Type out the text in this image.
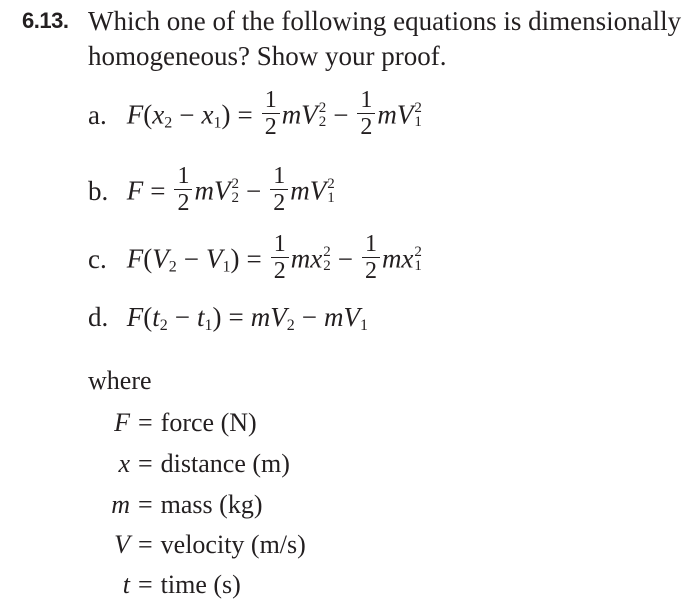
6.13. Which one of the following equations is dimensionally homogeneous? Show your proof.
a. $F(x_2 - x_1) = \frac{1}{2}$ mV 2
$2 - \frac{1}{2}$ mV 2
1
b. $F = \frac{1}{2}$ mV 2
$2 - \frac{1}{2}$ mV 2
1
c. $F(V_2 - V_1) = \frac{1}{2}$ mx 2
$2 - \frac{1}{2}$ mx 2
1
d. $F(t_2 - t_1) = mV_2 - mV_1$
where
F = force (N)
x = distance (m)
m = mass (kg)
V = velocity (m/s)
t = time (s)
